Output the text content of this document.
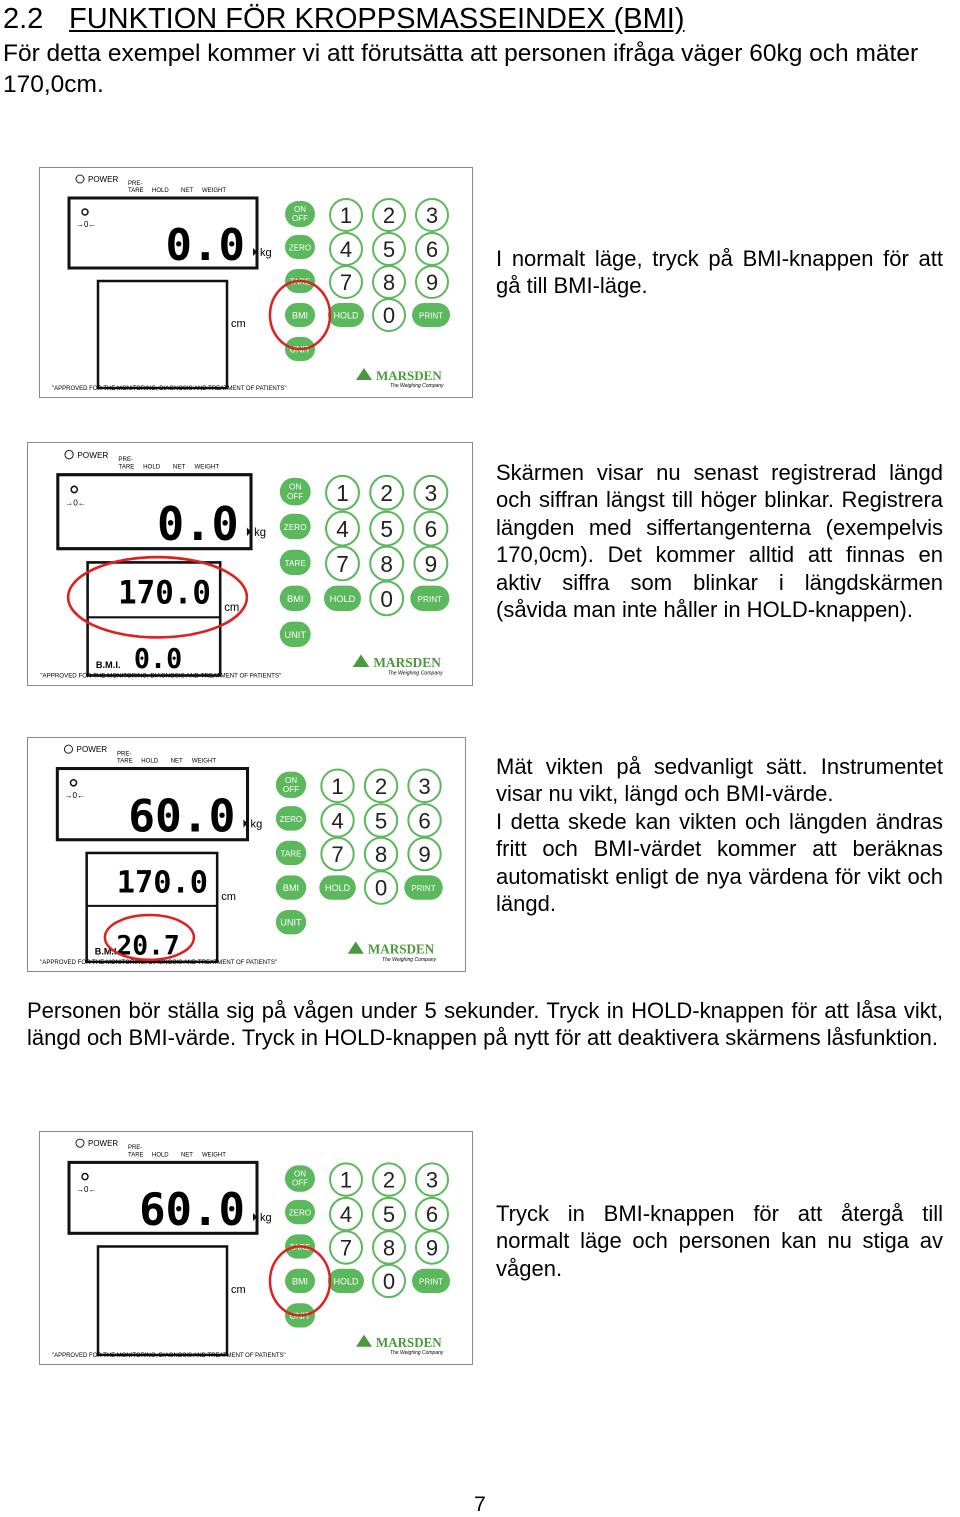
2.2 FUNKTION FÖR KROPPSMASSEINDEX (BMI)
För detta exempel kommer vi att förutsätta att personen ifråga väger 60kg och mäter 170,0cm.
POWER PRE-
TARE HOLD NET WEIGHT
→0← 0.0 kg
cm
ON
OFF
ZERO
TARE
BMI
UNIT
HOLD	PRINT
1 2 3
4 5 6
7 8 9
0
MARSDEN
The Weighing Company
"APPROVED FOR THE MONITORING, DIAGNOSIS AND TREATMENT OF PATIENTS"
I normalt läge, tryck på BMI-knappen för att gå till BMI-läge.
POWER PRE-
TARE HOLD NET WEIGHT
→0← 0.0 kg
170.0
B.M.I. 0.0
cm
ON
OFF
ZERO
TARE
BMI
UNIT
HOLD	PRINT
1 2 3
4 5 6
7 8 9
0
MARSDEN
The Weighing Company
"APPROVED FOR THE MONITORING, DIAGNOSIS AND TREATMENT OF PATIENTS"
Skärmen visar nu senast registrerad längd och siffran längst till höger blinkar. Registrera längden med siffertangenterna (exempelvis 170,0cm). Det kommer alltid att finnas en aktiv siffra som blinkar i längdskärmen (såvida man inte håller in HOLD-knappen).
POWER PRE-
TARE HOLD NET WEIGHT
→0← 60.0 kg
170.0
B.M.I.
20.7
cm
ON
OFF
ZERO
TARE
BMI
UNIT
HOLD	PRINT
1 2 3
4 5 6
7 8 9
0
MARSDEN
The Weighing Company
"APPROVED FOR THE MONITORING, DIAGNOSIS AND TREATMENT OF PATIENTS"
Mät vikten på sedvanligt sätt. Instrumentet visar nu vikt, längd och BMI-värde.
I detta skede kan vikten och längden ändras fritt och BMI-värdet kommer att beräknas automatiskt enligt de nya värdena för vikt och längd.
Personen bör ställa sig på vågen under 5 sekunder. Tryck in HOLD-knappen för att låsa vikt, längd och BMI-värde. Tryck in HOLD-knappen på nytt för att deaktivera skärmens låsfunktion.
POWER
PRE-
TARE HOLD NET WEIGHT
→0← 60.0 kg
cm
ON
OFF
ZERO
TARE
BMI
UNIT
HOLD	PRINT
1 2 3
4 5 6
7 8 9
0
MARSDEN
The Weighing Company
"APPROVED FOR THE MONITORING, DIAGNOSIS AND TREATMENT OF PATIENTS"
Tryck in BMI-knappen för att återgå till normalt läge och personen kan nu stiga av vågen.
7
